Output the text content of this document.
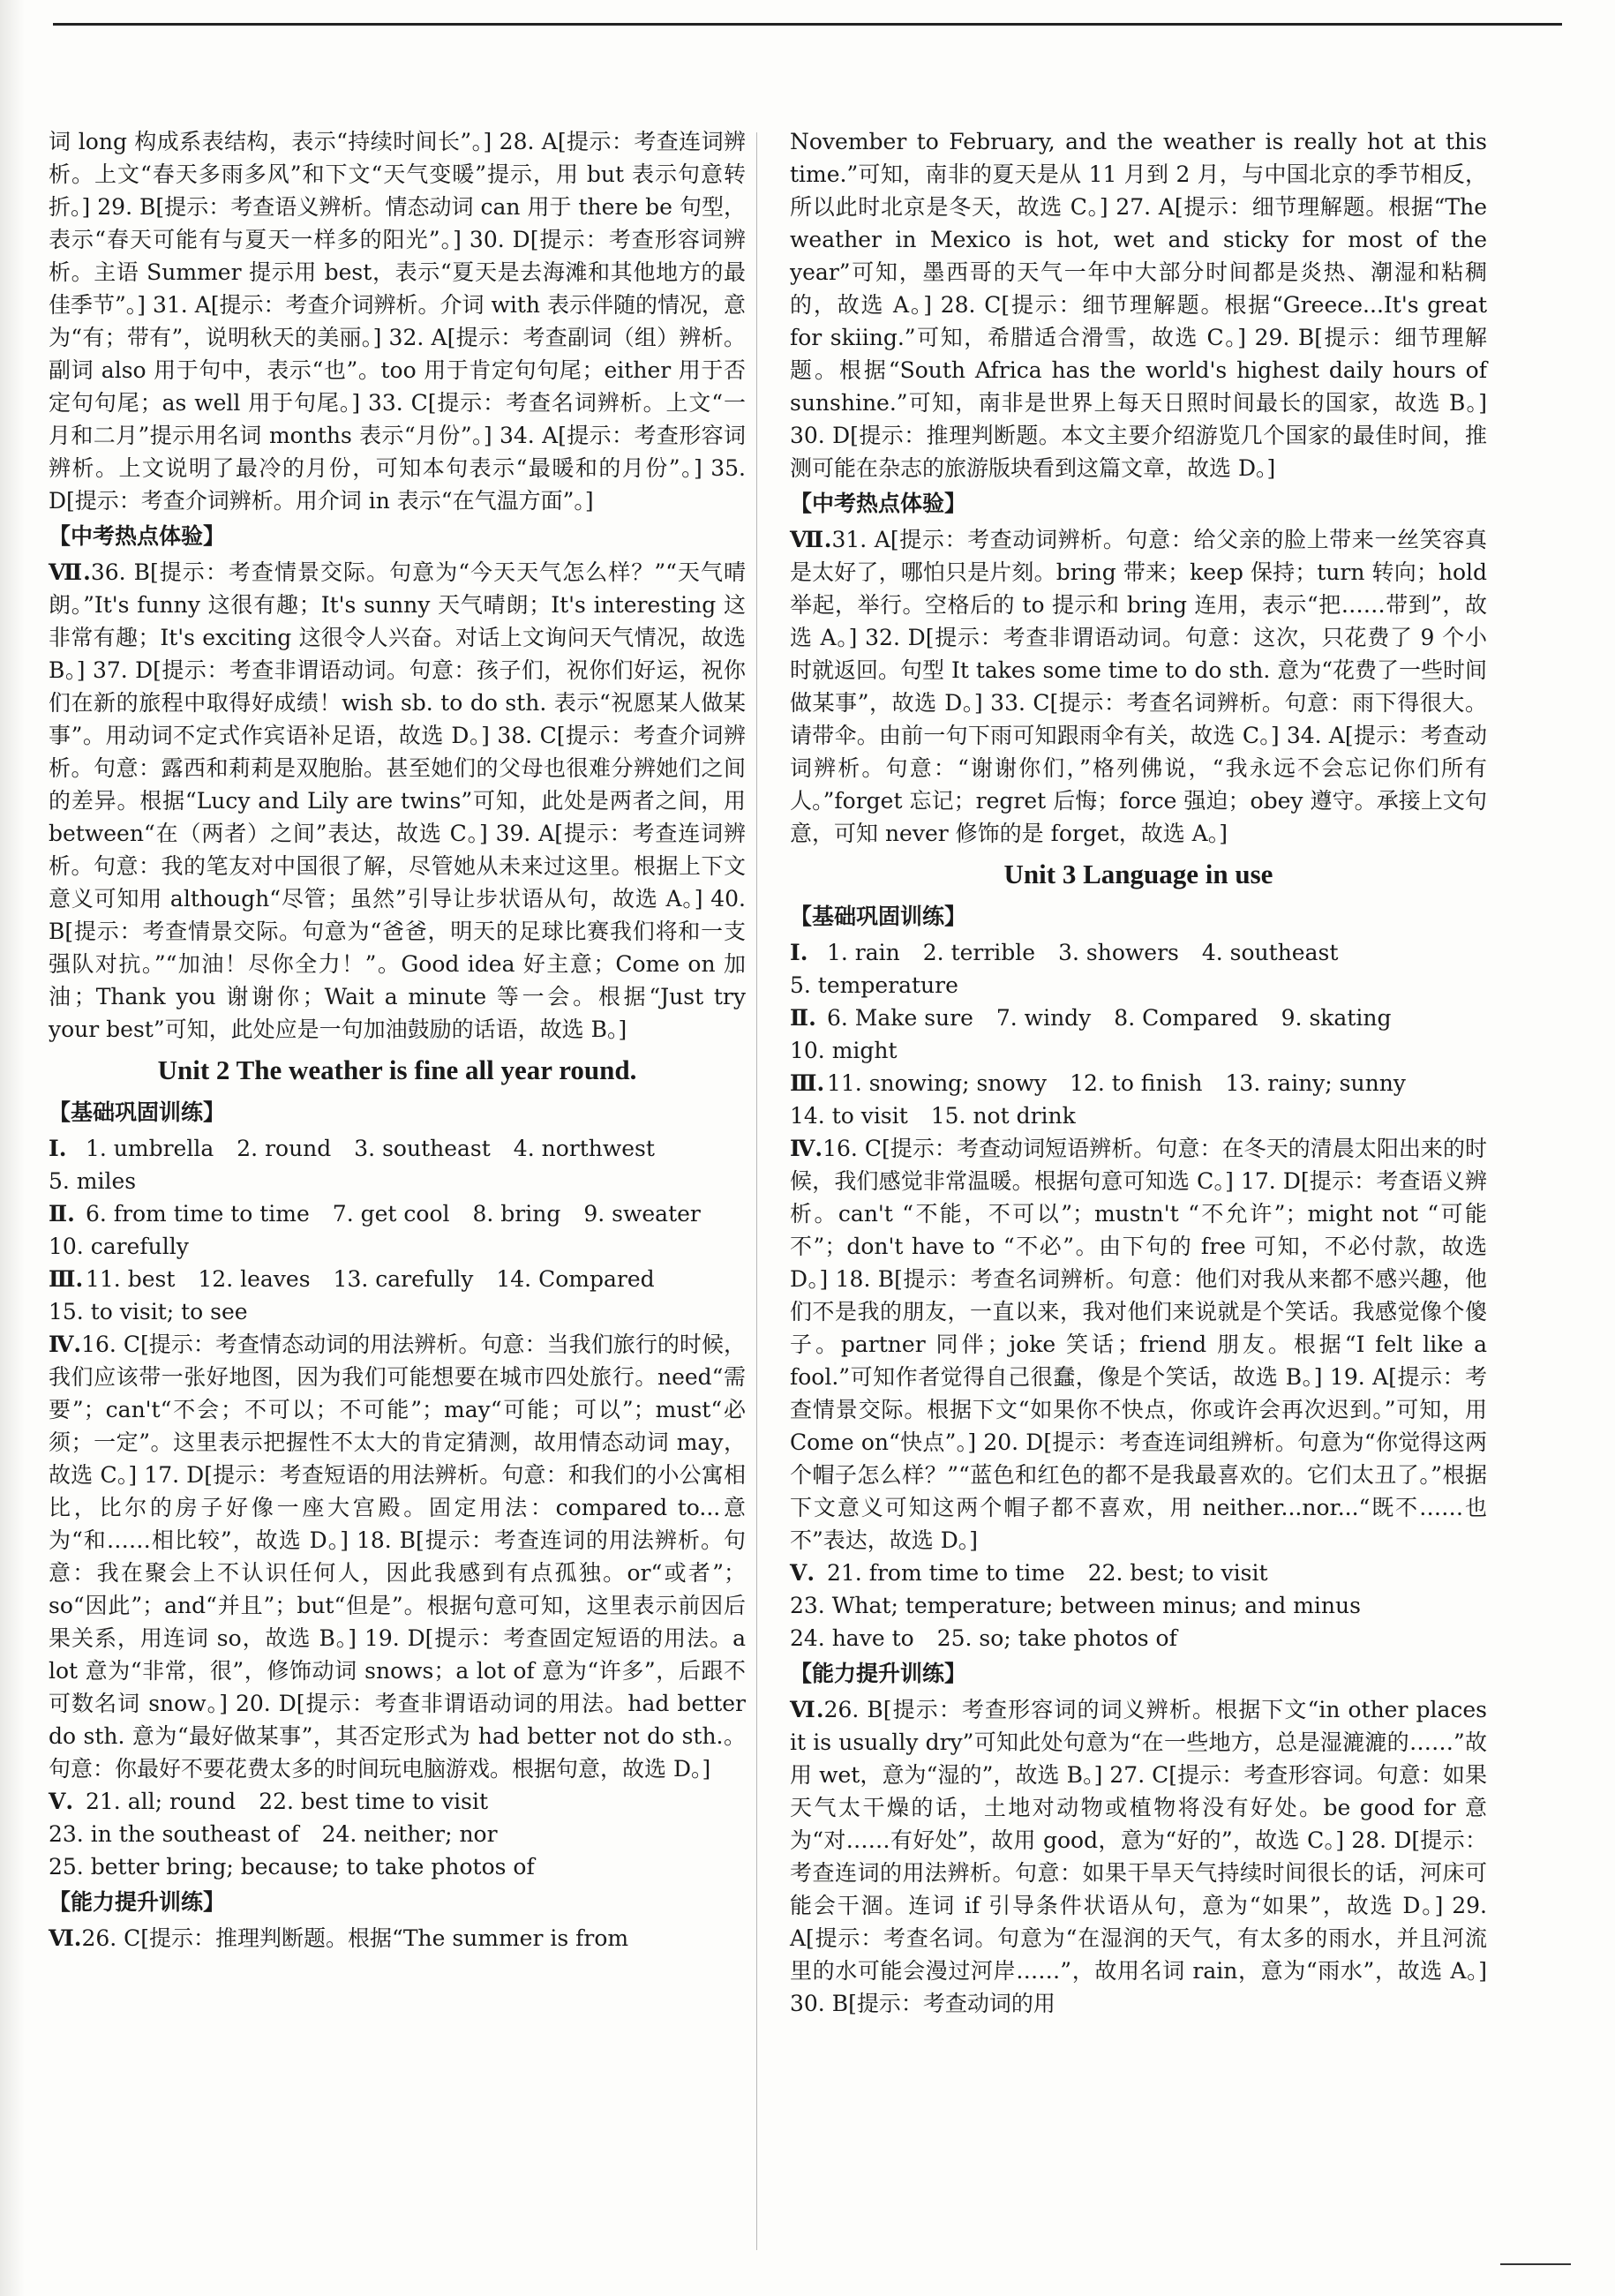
词 long 构成系表结构，表示“持续时间长”。] 28. A[提示：考查连词辨析。上文“春天多雨多风”和下文“天气变暖”提示，用 but 表示句意转折。] 29. B[提示：考查语义辨析。情态动词 can 用于 there be 句型，表示“春天可能有与夏天一样多的阳光”。] 30. D[提示：考查形容词辨析。主语 Summer 提示用 best，表示“夏天是去海滩和其他地方的最佳季节”。] 31. A[提示：考查介词辨析。介词 with 表示伴随的情况，意为“有；带有”，说明秋天的美丽。] 32. A[提示：考查副词（组）辨析。副词 also 用于句中，表示“也”。too 用于肯定句句尾；either 用于否定句句尾；as well 用于句尾。] 33. C[提示：考查名词辨析。上文“一月和二月”提示用名词 months 表示“月份”。] 34. A[提示：考查形容词辨析。上文说明了最冷的月份，可知本句表示“最暖和的月份”。] 35. D[提示：考查介词辨析。用介词 in 表示“在气温方面”。]

【中考热点体验】

Ⅶ.36. B[提示：考查情景交际。句意为“今天天气怎么样？”“天气晴朗。”It's funny 这很有趣；It's sunny 天气晴朗；It's interesting 这非常有趣；It's exciting 这很令人兴奋。对话上文询问天气情况，故选 B。] 37. D[提示：考查非谓语动词。句意：孩子们，祝你们好运，祝你们在新的旅程中取得好成绩！wish sb. to do sth. 表示“祝愿某人做某事”。用动词不定式作宾语补足语，故选 D。] 38. C[提示：考查介词辨析。句意：露西和莉莉是双胞胎。甚至她们的父母也很难分辨她们之间的差异。根据“Lucy and Lily are twins”可知，此处是两者之间，用 between“在（两者）之间”表达，故选 C。] 39. A[提示：考查连词辨析。句意：我的笔友对中国很了解，尽管她从未来过这里。根据上下文意义可知用 although“尽管；虽然”引导让步状语从句，故选 A。] 40. B[提示：考查情景交际。句意为“爸爸，明天的足球比赛我们将和一支强队对抗。”“加油！尽你全力！”。Good idea 好主意；Come on 加油；Thank you 谢谢你；Wait a minute 等一会。根据“Just try your best”可知，此处应是一句加油鼓励的话语，故选 B。]

Unit 2 The weather is fine all year round.
【基础巩固训练】
Ⅰ. 1. umbrella 2. round 3. southeast 4. northwest
5. miles
Ⅱ. 6. from time to time 7. get cool 8. bring 9. sweater
10. carefully
Ⅲ. 11. best 12. leaves 13. carefully 14. Compared
15. to visit; to see

Ⅳ.16. C[提示：考查情态动词的用法辨析。句意：当我们旅行的时候，我们应该带一张好地图，因为我们可能想要在城市四处旅行。need“需要”；can't“不会；不可以；不可能”；may“可能；可以”；must“必须；一定”。这里表示把握性不太大的肯定猜测，故用情态动词 may，故选 C。] 17. D[提示：考查短语的用法辨析。句意：和我们的小公寓相比，比尔的房子好像一座大宫殿。固定用法：compared to...意为“和……相比较”，故选 D。] 18. B[提示：考查连词的用法辨析。句意：我在聚会上不认识任何人，因此我感到有点孤独。or“或者”；so“因此”；and“并且”；but“但是”。根据句意可知，这里表示前因后果关系，用连词 so，故选 B。] 19. D[提示：考查固定短语的用法。a lot 意为“非常，很”，修饰动词 snows；a lot of 意为“许多”，后跟不可数名词 snow。] 20. D[提示：考查非谓语动词的用法。had better do sth. 意为“最好做某事”，其否定形式为 had better not do sth.。句意：你最好不要花费太多的时间玩电脑游戏。根据句意，故选 D。]

Ⅴ. 21. all; round 22. best time to visit
23. in the southeast of 24. neither; nor
25. better bring; because; to take photos of
【能力提升训练】

Ⅵ.26. C[提示：推理判断题。根据“The summer is from

November to February, and the weather is really hot at this time.”可知，南非的夏天是从 11 月到 2 月，与中国北京的季节相反，所以此时北京是冬天，故选 C。] 27. A[提示：细节理解题。根据“The weather in Mexico is hot, wet and sticky for most of the year”可知，墨西哥的天气一年中大部分时间都是炎热、潮湿和粘稠的，故选 A。] 28. C[提示：细节理解题。根据“Greece...It's great for skiing.”可知，希腊适合滑雪，故选 C。] 29. B[提示：细节理解题。根据“South Africa has the world's highest daily hours of sunshine.”可知，南非是世界上每天日照时间最长的国家，故选 B。] 30. D[提示：推理判断题。本文主要介绍游览几个国家的最佳时间，推测可能在杂志的旅游版块看到这篇文章，故选 D。]

【中考热点体验】

Ⅶ.31. A[提示：考查动词辨析。句意：给父亲的脸上带来一丝笑容真是太好了，哪怕只是片刻。bring 带来；keep 保持；turn 转向；hold 举起，举行。空格后的 to 提示和 bring 连用，表示“把……带到”，故选 A。] 32. D[提示：考查非谓语动词。句意：这次，只花费了 9 个小时就返回。句型 It takes some time to do sth. 意为“花费了一些时间做某事”，故选 D。] 33. C[提示：考查名词辨析。句意：雨下得很大。请带伞。由前一句下雨可知跟雨伞有关，故选 C。] 34. A[提示：考查动词辨析。句意：“谢谢你们，”格列佛说，“我永远不会忘记你们所有人。”forget 忘记；regret 后悔；force 强迫；obey 遵守。承接上文句意，可知 never 修饰的是 forget，故选 A。]

Unit 3 Language in use
【基础巩固训练】
Ⅰ. 1. rain 2. terrible 3. showers 4. southeast
5. temperature
Ⅱ. 6. Make sure 7. windy 8. Compared 9. skating
10. might
Ⅲ. 11. snowing; snowy 12. to finish 13. rainy; sunny
14. to visit 15. not drink

Ⅳ.16. C[提示：考查动词短语辨析。句意：在冬天的清晨太阳出来的时候，我们感觉非常温暖。根据句意可知选 C。] 17. D[提示：考查语义辨析。can't “不能，不可以”；mustn't “不允许”；might not “可能不”；don't have to “不必”。由下句的 free 可知，不必付款，故选 D。] 18. B[提示：考查名词辨析。句意：他们对我从来都不感兴趣，他们不是我的朋友，一直以来，我对他们来说就是个笑话。我感觉像个傻子。partner 同伴；joke 笑话；friend 朋友。根据“I felt like a fool.”可知作者觉得自己很蠢，像是个笑话，故选 B。] 19. A[提示：考查情景交际。根据下文“如果你不快点，你或许会再次迟到。”可知，用 Come on“快点”。] 20. D[提示：考查连词组辨析。句意为“你觉得这两个帽子怎么样？”“蓝色和红色的都不是我最喜欢的。它们太丑了。”根据下文意义可知这两个帽子都不喜欢，用 neither...nor...“既不……也不”表达，故选 D。]

Ⅴ. 21. from time to time 22. best; to visit
23. What; temperature; between minus; and minus
24. have to 25. so; take photos of
【能力提升训练】

Ⅵ.26. B[提示：考查形容词的词义辨析。根据下文“in other places it is usually dry”可知此处句意为“在一些地方，总是湿漉漉的……”故用 wet，意为“湿的”，故选 B。] 27. C[提示：考查形容词。句意：如果天气太干燥的话，土地对动物或植物将没有好处。be good for 意为“对……有好处”，故用 good，意为“好的”，故选 C。] 28. D[提示：考查连词的用法辨析。句意：如果干旱天气持续时间很长的话，河床可能会干涸。连词 if 引导条件状语从句，意为“如果”，故选 D。] 29. A[提示：考查名词。句意为“在湿润的天气，有太多的雨水，并且河流里的水可能会漫过河岸……”，故用名词 rain，意为“雨水”，故选 A。] 30. B[提示：考查动词的用
